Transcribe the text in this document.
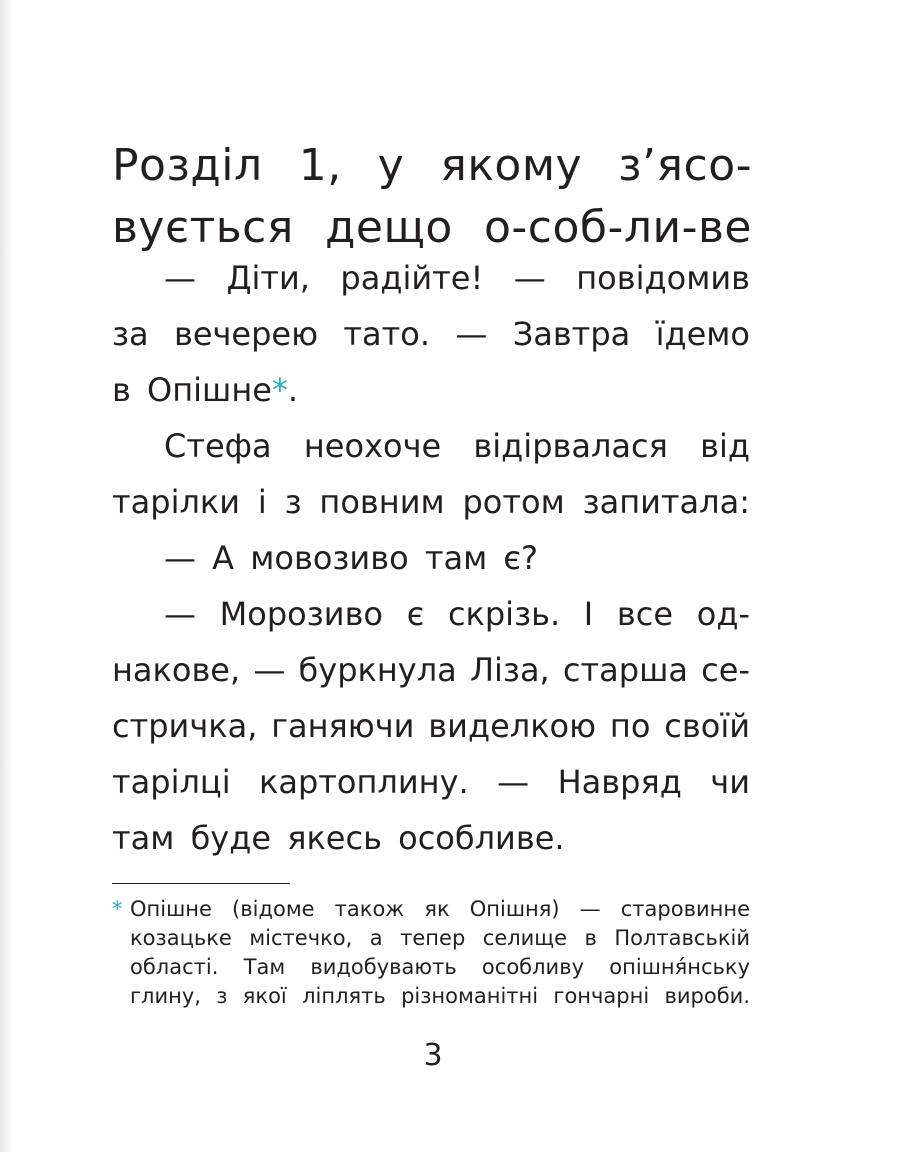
Розділ 1, у якому з’ясо-
вується дещо о-соб-ли-ве

— Діти, радійте! — повідомив
за вечерею тато. — Завтра їдемо
в Опішне*.

Стефа неохоче відірвалася від
тарілки і з повним ротом запитала:

— А мовозиво там є?

— Морозиво є скрізь. І все од-
накове, — буркнула Ліза, старша се-
стричка, ганяючи виделкою по своїй
тарілці картоплину. — Навряд чи
там буде якесь особливе.

* Опішне (відоме також як Опішня) — старовинне
козацьке містечко, а тепер селище в Полтавській
області. Там видобувають особливу опішня́нську
глину, з якої ліплять різноманітні гончарні вироби.
3
